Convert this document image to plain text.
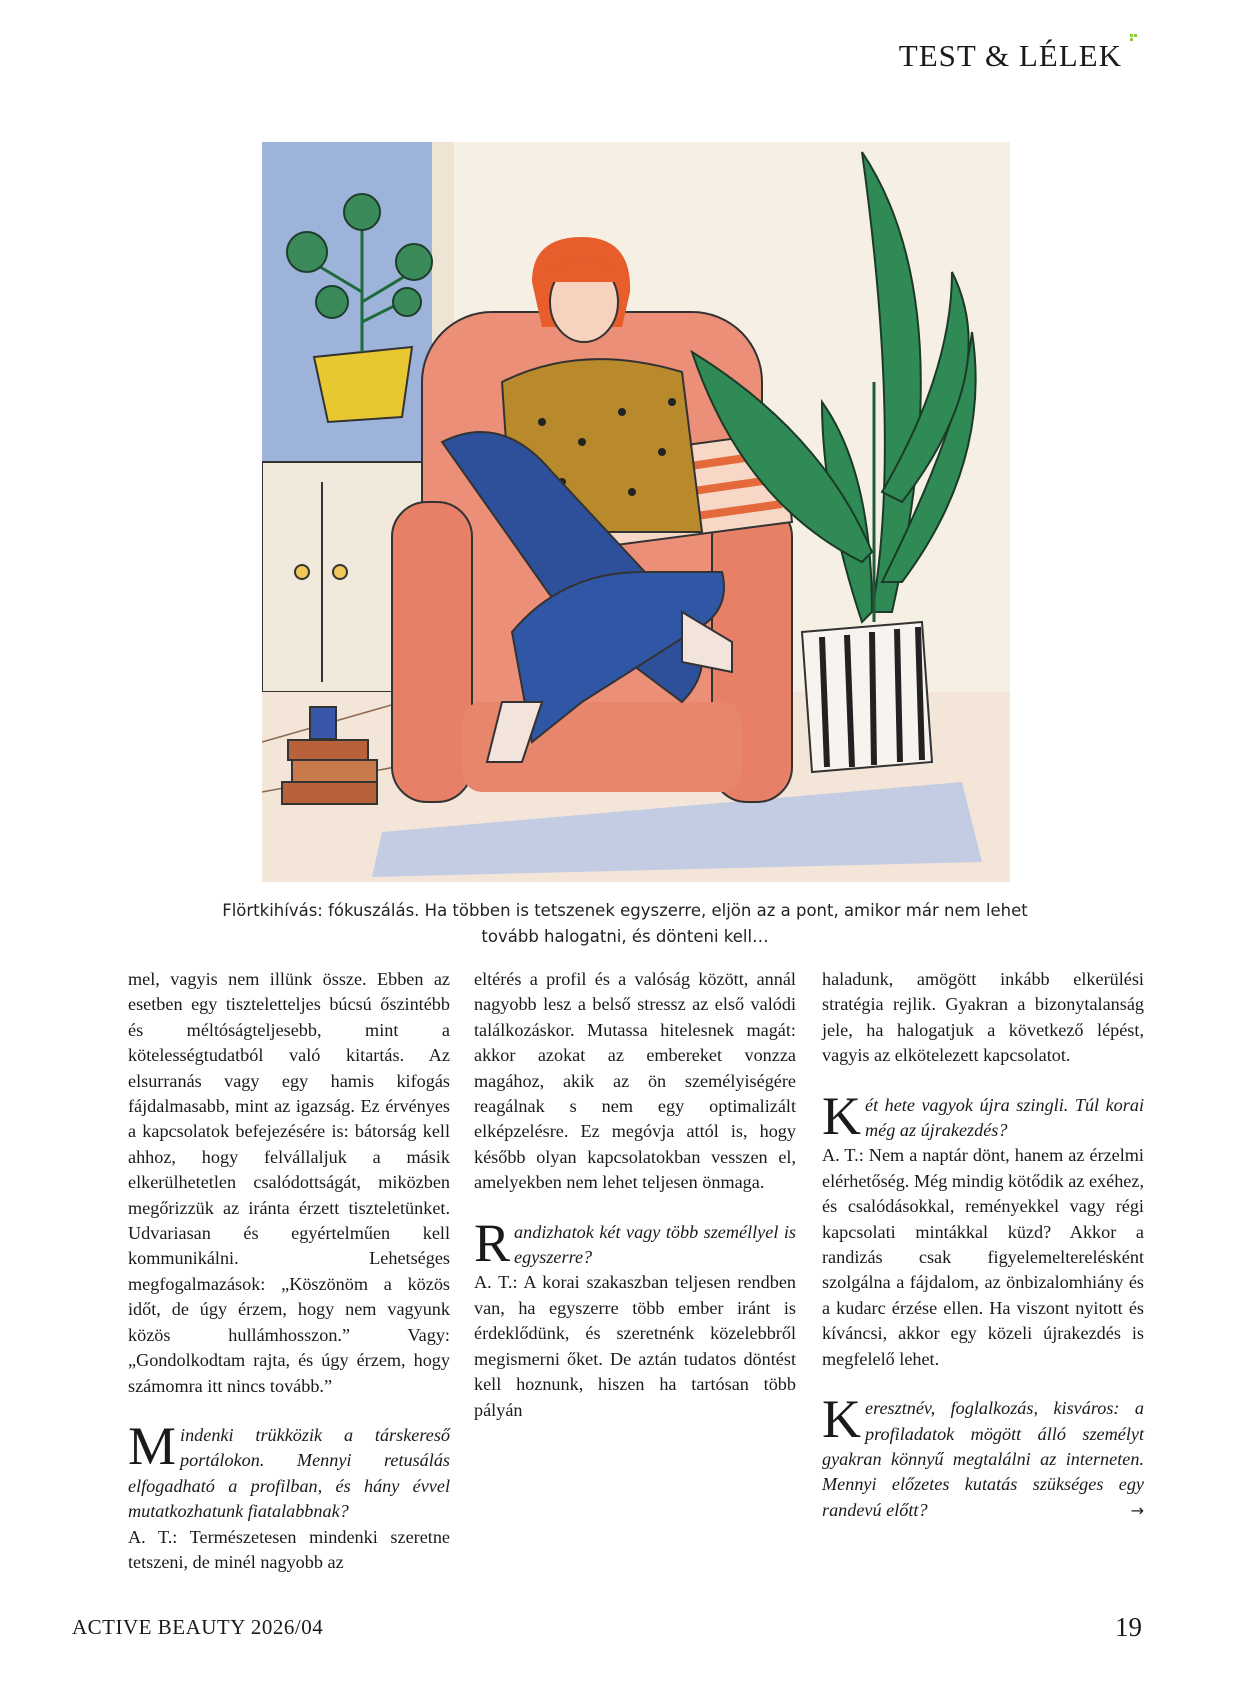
TEST & LÉLEK
Flörtkihívás: fókuszálás. Ha többen is tetszenek egyszerre, eljön az a pont, amikor már nem lehet
tovább halogatni, és dönteni kell…

mel, vagyis nem illünk össze. Ebben az esetben egy tiszteletteljes búcsú őszintébb és méltóságteljesebb, mint a kötelességtudatból való kitartás. Az elsurranás vagy egy hamis kifogás fájdalmasabb, mint az igazság. Ez érvényes a kapcsolatok befejezésére is: bátorság kell ahhoz, hogy felvállaljuk a másik elkerülhetetlen csalódottságát, miközben megőrizzük az iránta érzett tiszteletünket. Udvariasan és egyértelműen kell kommunikálni. Lehetséges megfogalmazások: „Köszönöm a közös időt, de úgy érzem, hogy nem vagyunk közös hullámhosszon.” Vagy: „Gondolkodtam rajta, és úgy érzem, hogy számomra itt nincs tovább.”

Mindenki trükközik a társkereső portálokon. Mennyi retusálás elfogadható a profilban, és hány évvel mutatkozhatunk fiatalabbnak?

A. T.: Természetesen mindenki szeretne tetszeni, de minél nagyobb az

eltérés a profil és a valóság között, annál nagyobb lesz a belső stressz az első valódi találkozáskor. Mutassa hitelesnek magát: akkor azokat az embereket vonzza magához, akik az ön személyiségére reagálnak s nem egy optimalizált elképzelésre. Ez megóvja attól is, hogy később olyan kapcsolatokban vesszen el, amelyekben nem lehet teljesen önmaga.

Randizhatok két vagy több személlyel is egyszerre?

A. T.: A korai szakaszban teljesen rendben van, ha egyszerre több ember iránt is érdeklődünk, és szeretnénk közelebbről megismerni őket. De aztán tudatos döntést kell hoznunk, hiszen ha tartósan több pályán

haladunk, amögött inkább elkerülési stratégia rejlik. Gyakran a bizonytalanság jele, ha halogatjuk a következő lépést, vagyis az elkötelezett kapcsolatot.

Két hete vagyok újra szingli. Túl korai még az újrakezdés?

A. T.: Nem a naptár dönt, hanem az érzelmi elérhetőség. Még mindig kötődik az exéhez, és csalódásokkal, reményekkel vagy régi kapcsolati mintákkal küzd? Akkor a randizás csak figyelemelterelésként szolgálna a fájdalom, az önbizalomhiány és a kudarc érzése ellen. Ha viszont nyitott és kíváncsi, akkor egy közeli újrakezdés is megfelelő lehet.

Keresztnév, foglalkozás, kisváros: a profiladatok mögött álló személyt gyakran könnyű megtalálni az interneten. Mennyi előzetes kutatás szükséges egy randevú előtt?	→

ACTIVE BEAUTY 2026/04	19
